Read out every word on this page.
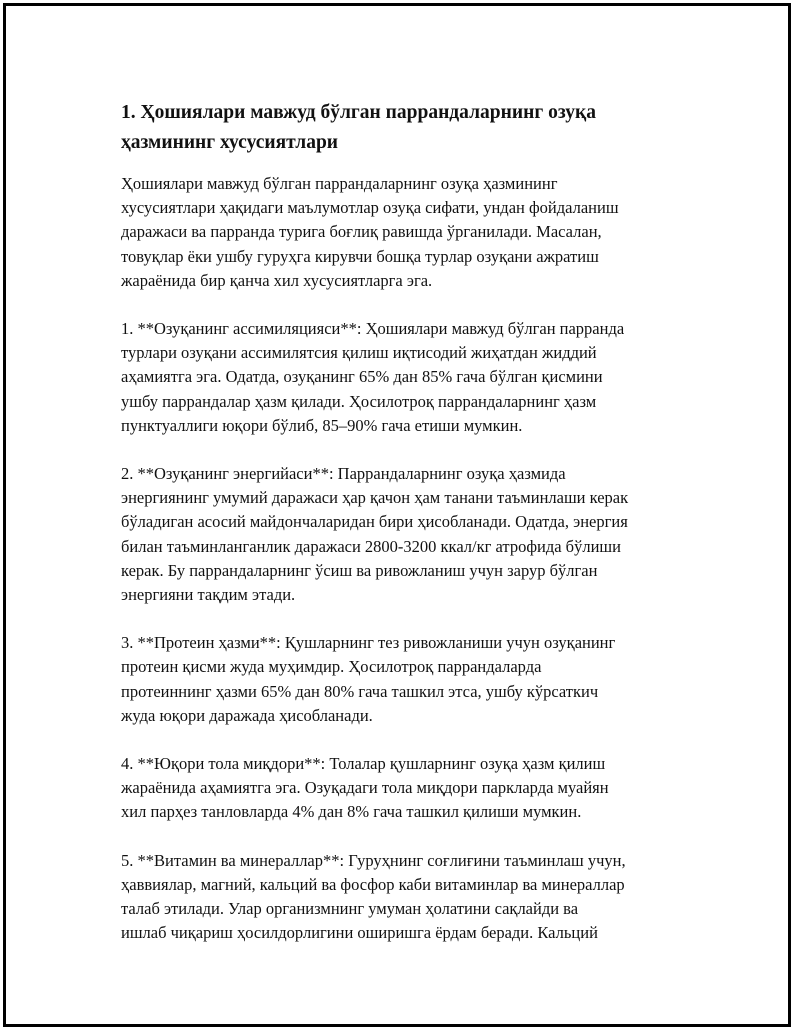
1. Ҳошиялари мавжуд бўлган паррандаларнинг озуқа
ҳазмининг хусусиятлари

Ҳошиялари мавжуд бўлган паррандаларнинг озуқа ҳазмининг
хусусиятлари ҳақидаги маълумотлар озуқа сифати, ундан фойдаланиш
даражаси ва парранда турига боғлиқ равишда ўрганилади. Масалан,
товуқлар ёки ушбу гуруҳга кирувчи бошқа турлар озуқани ажратиш
жараёнида бир қанча хил хусусиятларга эга.

1. **Озуқанинг ассимиляцияси**: Ҳошиялари мавжуд бўлган парранда
турлари озуқани ассимилятсия қилиш иқтисодий жиҳатдан жиддий
аҳамиятга эга. Одатда, озуқанинг 65% дан 85% гача бўлган қисмини
ушбу паррандалар ҳазм қилади. Ҳосилотроқ паррандаларнинг ҳазм
пунктуаллиги юқори бўлиб, 85–90% гача етиши мумкин.

2. **Озуқанинг энергийаси**: Паррандаларнинг озуқа ҳазмида
энергиянинг умумий даражаси ҳар қачон ҳам танани таъминлаши керак
бўладиган асосий майдончаларидан бири ҳисобланади. Одатда, энергия
билан таъминланганлик даражаси 2800-3200 ккал/кг атрофида бўлиши
керак. Бу паррандаларнинг ўсиш ва ривожланиш учун зарур бўлган
энергияни тақдим этади.

3. **Протеин ҳазми**: Қушларнинг тез ривожланиши учун озуқанинг
протеин қисми жуда муҳимдир. Ҳосилотроқ паррандаларда
протеиннинг ҳазми 65% дан 80% гача ташкил этса, ушбу кўрсаткич
жуда юқори даражада ҳисобланади.

4. **Юқори тола миқдори**: Толалар қушларнинг озуқа ҳазм қилиш
жараёнида аҳамиятга эга. Озуқадаги тола миқдори паркларда муайян
хил парҳез танловларда 4% дан 8% гача ташкил қилиши мумкин.

5. **Витамин ва минераллар**: Гуруҳнинг соғлиғини таъминлаш учун,
ҳаввиялар, магний, кальций ва фосфор каби витаминлар ва минераллар
талаб этилади. Улар организмнинг умуман ҳолатини сақлайди ва
ишлаб чиқариш ҳосилдорлигини оширишга ёрдам беради. Кальций
